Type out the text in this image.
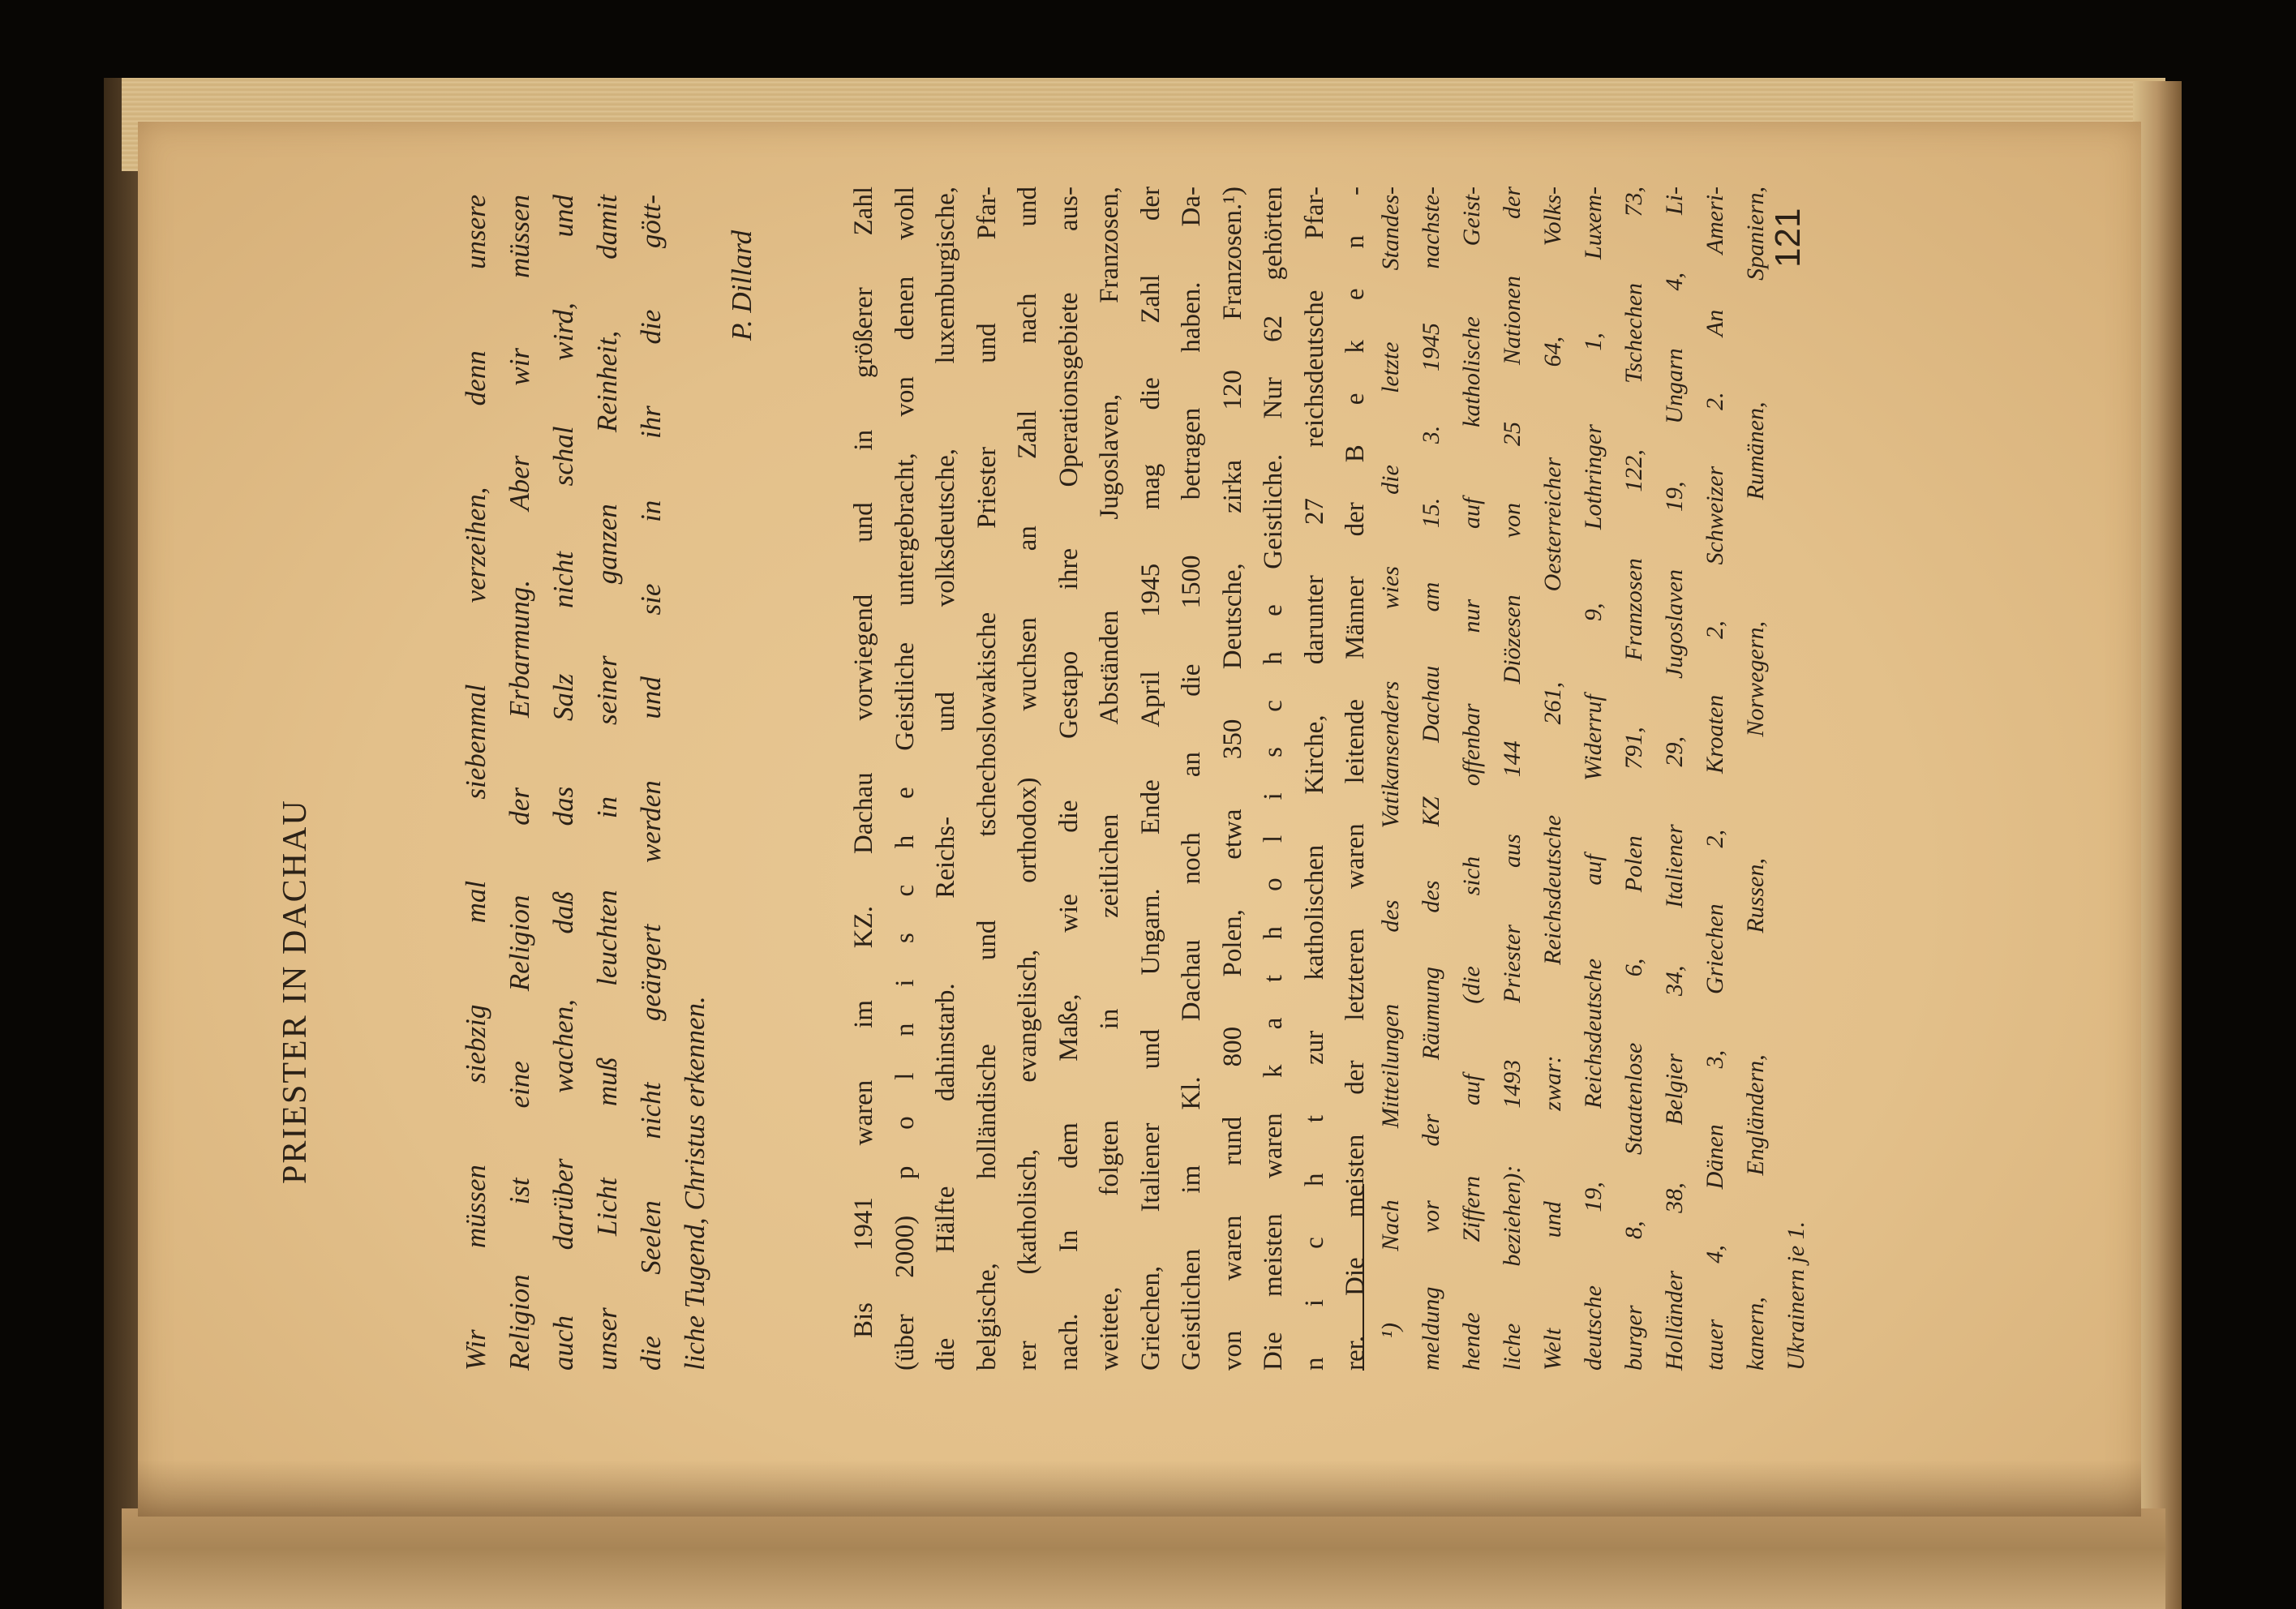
PRIESTER IN DACHAU	Wir müssen siebzig mal siebenmal verzeihen, denn unsere Religion ist eine Religion der Erbarmung. Aber wir müssen auch darüber wachen, daß das Salz nicht schal wird, und unser Licht muß leuchten in seiner ganzen Reinheit, damit die Seelen nicht geärgert werden und sie in ihr die gött- liche Tugend, Christus erkennen.
P. Dillard	Bis 1941 waren im KZ. Dachau vorwiegend und in größerer Zahl (über 2000) p o l n i s c h e Geistliche untergebracht, von denen wohl die Hälfte dahinstarb. Reichs- und volksdeutsche, luxemburgische, belgische, holländische und tschechoslowakische Priester und Pfar- rer (katholisch, evangelisch, orthodox) wuchsen an Zahl nach und nach. In dem Maße, wie die Gestapo ihre Operationsgebiete aus- weitete, folgten in zeitlichen Abständen Jugoslaven, Franzosen, Griechen, Italiener und Ungarn. Ende April 1945 mag die Zahl der Geistlichen im Kl. Dachau noch an die 1500 betragen haben. Da- von waren rund 800 Polen, etwa 350 Deutsche, zirka 120 Franzosen.¹) Die meisten waren k a t h o l i s c h e Geistliche. Nur 62 gehörten n i c h t zur katholischen Kirche, darunter 27 reichsdeutsche Pfar- rer. Die meisten der letzteren waren leitende Männer der B e k e n - ¹) Nach Mitteilungen des Vatikansenders wies die letzte Standes- meldung vor der Räumung des KZ Dachau am 15. 3. 1945 nachste- hende Ziffern auf (die sich offenbar nur auf katholische Geist- liche beziehen): 1493 Priester aus 144 Diözesen von 25 Nationen der Welt und zwar: Reichsdeutsche 261, Oesterreicher 64, Volks- deutsche 19, Reichsdeutsche auf Widerruf 9, Lothringer 1, Luxem- burger 8, Staatenlose 6, Polen 791, Franzosen 122, Tschechen 73, Holländer 38, Belgier 34, Italiener 29, Jugoslaven 19, Ungarn 4, Li- tauer 4, Dänen 3, Griechen 2, Kroaten 2, Schweizer 2. An Ameri- kanern, Engländern, Russen, Norwegern, Rumänen, Spaniern, Ukrainern je 1.
121
